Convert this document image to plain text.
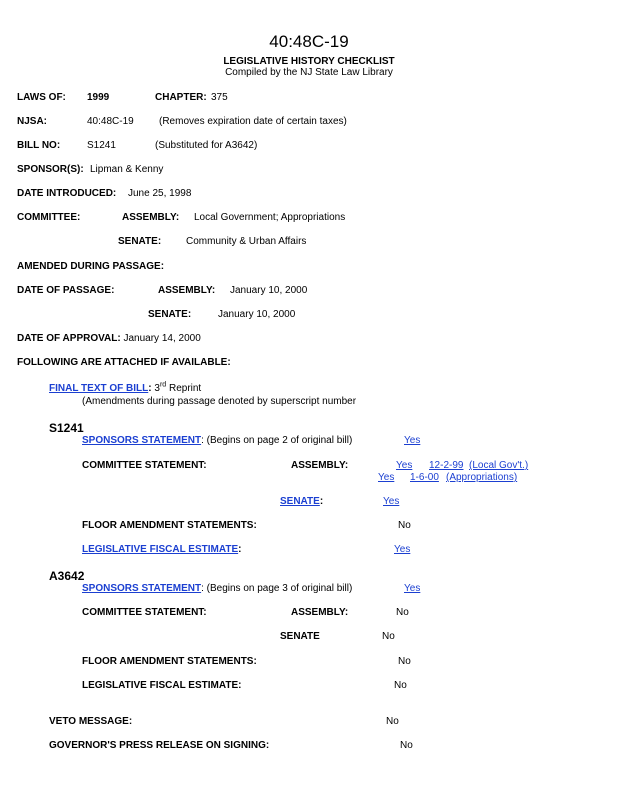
40:48C-19
LEGISLATIVE HISTORY CHECKLIST
Compiled by the NJ State Law Library
LAWS OF: 1999	CHAPTER: 375
NJSA:	40:48C-19	(Removes expiration date of certain taxes)
BILL NO:	S1241	(Substituted for A3642)
SPONSOR(S): Lipman & Kenny
DATE INTRODUCED: June 25, 1998
COMMITTEE:	ASSEMBLY: Local Government; Appropriations
SENATE: Community & Urban Affairs
AMENDED DURING PASSAGE:
DATE OF PASSAGE:	ASSEMBLY: January 10, 2000
SENATE:	January 10, 2000
DATE OF APPROVAL: January 14, 2000
FOLLOWING ARE ATTACHED IF AVAILABLE:
FINAL TEXT OF BILL: 3rd Reprint
(Amendments during passage denoted by superscript number
S1241
SPONSORS STATEMENT: (Begins on page 2 of original bill)	Yes
COMMITTEE STATEMENT:	ASSEMBLY:	Yes 12-2-99 (Local Gov't.)
Yes 1-6-00 (Appropriations)
SENATE:	Yes
FLOOR AMENDMENT STATEMENTS:	No
LEGISLATIVE FISCAL ESTIMATE:	Yes
A3642
SPONSORS STATEMENT: (Begins on page 3 of original bill)	Yes
COMMITTEE STATEMENT:	ASSEMBLY:	No
SENATE	No
FLOOR AMENDMENT STATEMENTS:	No
LEGISLATIVE FISCAL ESTIMATE:	No
VETO MESSAGE:	No
GOVERNOR'S PRESS RELEASE ON SIGNING:	No
